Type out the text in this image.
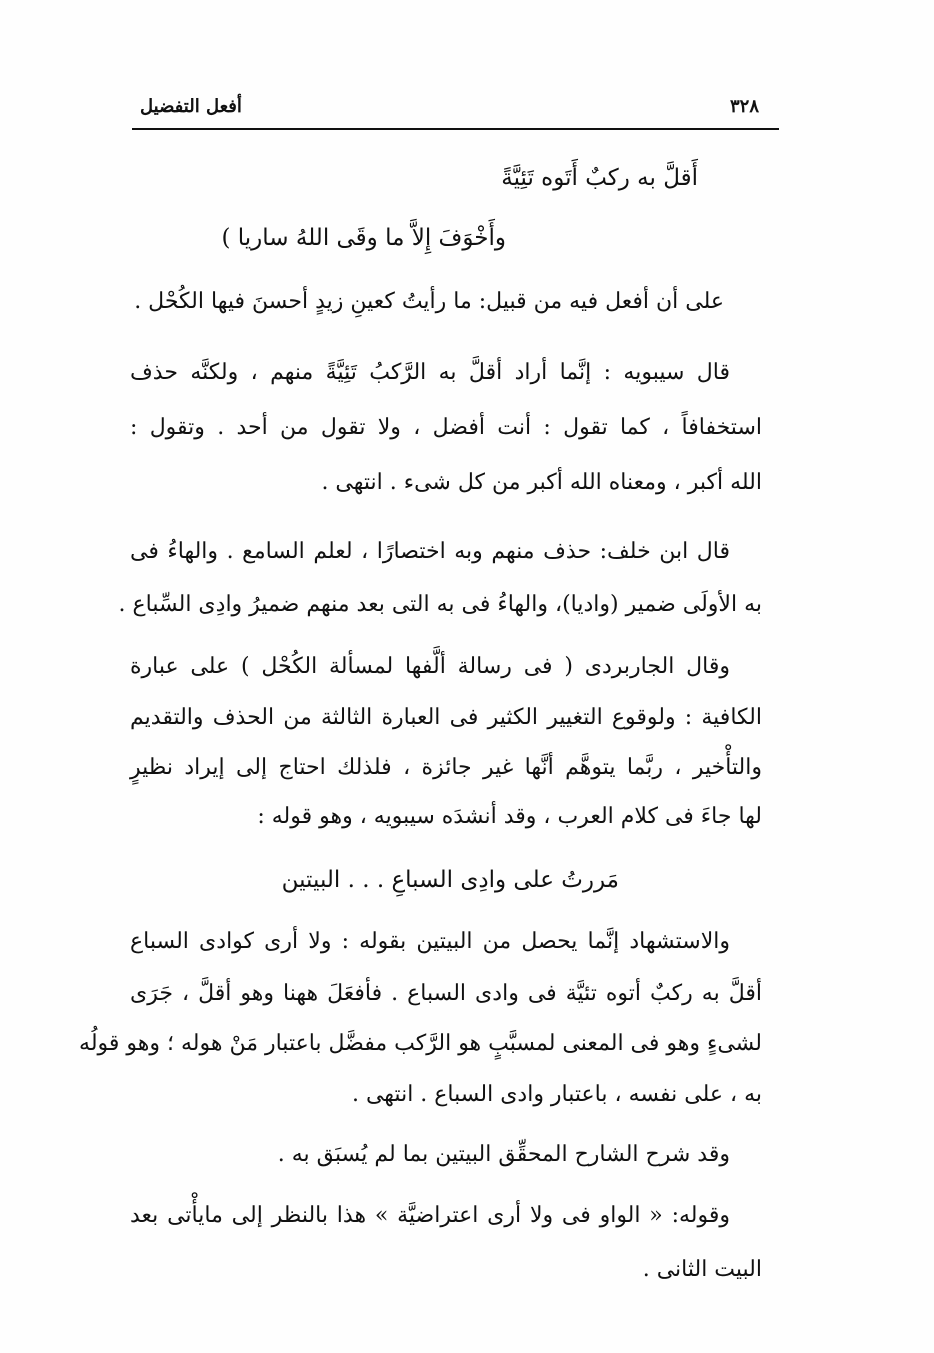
أفعل التفضيل	٣٢٨
أَقلَّ به ركبٌ أَتَوه تَئِيَّةً
وأَخْوَفَ إِلاَّ ما وقَى اللهُ ساريا )
على أن أفعل فيه من قبيل: ما رأيتُ كعينِ زيدٍ أحسنَ فيها الكُحْل .
قال سيبويه : إنَّما أراد أقلَّ به الرَّكبُ تَئِيَّةً منهم ، ولكنَّه حذف
استخفافاً ، كما تقول : أنت أفضل ، ولا تقول من أحد . وتقول :
الله أكبر ، ومعناه الله أكبر من كل شىء . انتهى .
قال ابن خلف: حذف منهم وبه اختصارًا ، لعلم السامع . والهاءُ فى
به الأولَى ضمير (واديا)، والهاءُ فى به التى بعد منهم ضميرُ وادِى السِّباع .
وقال الجاربردى ( فى رسالة ألَّفها لمسألة الكُحْل ) على عبارة
الكافية : ولوقوع التغيير الكثير فى العبارة الثالثة من الحذف والتقديم
والتأْخير ، ربَّما يتوهَّم أنَّها غير جائزة ، فلذلك احتاج إلى إيراد نظيرٍ
لها جاءَ فى كلام العرب ، وقد أنشدَه سيبويه ، وهو قوله :
مَررتُ على وادِى السباعِ . . . البيتين
والاستشهاد إنَّما يحصل من البيتين بقوله : ولا أرى كوادى السباع
أقلَّ به ركبٌ أتوه تئيَّة فى وادى السباع . فأفعَلَ ههنا وهو أقلَّ ، جَرَى
لشىءٍ وهو فى المعنى لمسبَّبٍ هو الرَّكب مفضَّل باعتبار مَنْ هوله ؛ وهو قولُه
به ، على نفسه ، باعتبار وادى السباع . انتهى .
وقد شرح الشارح المحقِّق البيتين بما لم يُسبَق به .
وقوله: « الواو فى ولا أرى اعتراضيَّة » هذا بالنظر إلى مايأْتى بعد
البيت الثانى .
